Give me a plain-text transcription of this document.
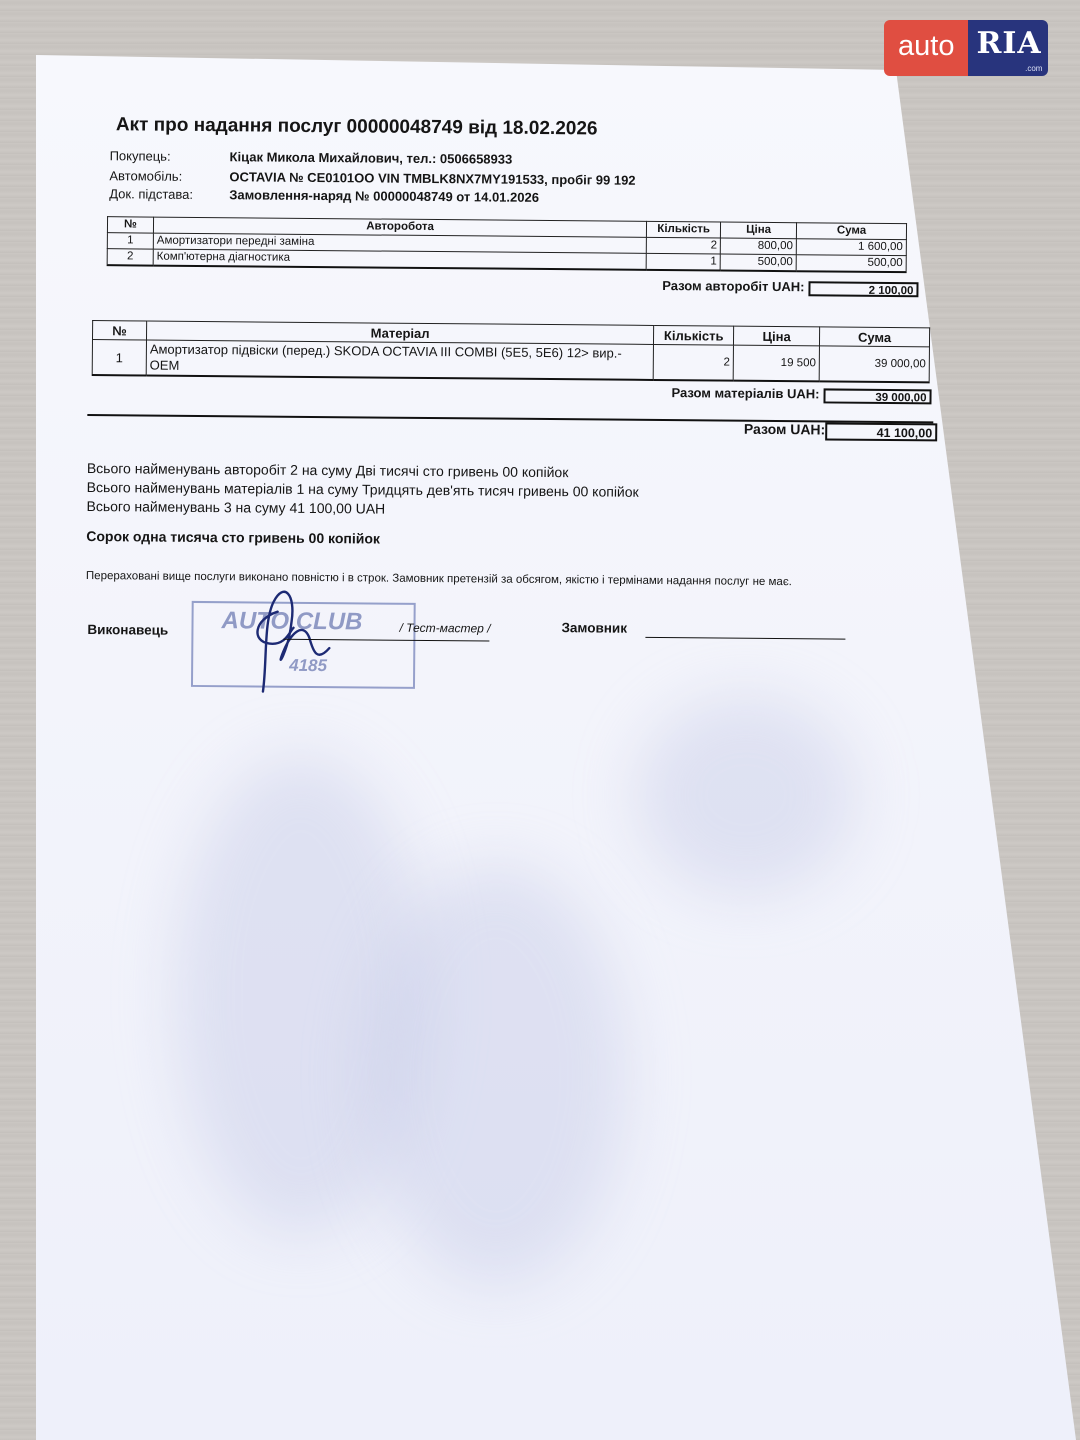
Акт про надання послуг 00000048749 від 18.02.2026
Покупець:	Кіцак Микола Михайлович, тел.: 0506658933
Автомобіль:	OCTAVIA № CE0101OO VIN TMBLK8NX7MY191533, пробіг 99 192
Док. підстава:	Замовлення-наряд № 00000048749 от 14.01.2026
№	Авторобота	Кількість	Ціна	Сума
1	Амортизатори передні заміна	2	800,00	1 600,00
2	Комп'ютерна діагностика	1	500,00	500,00
Разом авторобіт UAH:	2 100,00
№	Матеріал	Кількість	Ціна	Сума
1	Амортизатор підвіски (перед.) SKODA OCTAVIA III COMBI (5E5, 5E6) 12> вир.-OEM	2	19 500	39 000,00
Разом матеріалів UAH:	39 000,00
Разом UAH:	41 100,00
Всього найменувань авторобіт 2 на суму Дві тисячі сто гривень 00 копійок
Всього найменувань матеріалів 1 на суму Тридцять дев'ять тисяч гривень 00 копійок
Всього найменувань 3 на суму 41 100,00 UAH
Сорок одна тисяча сто гривень 00 копійок
Перераховані вище послуги виконано повністю і в строк. Замовник претензій за обсягом, якістю і термінами надання послуг не має.
AUTO CLUB
4185
Виконавець	/ Тест-мастер /	Замовник
auto RIA
.com
